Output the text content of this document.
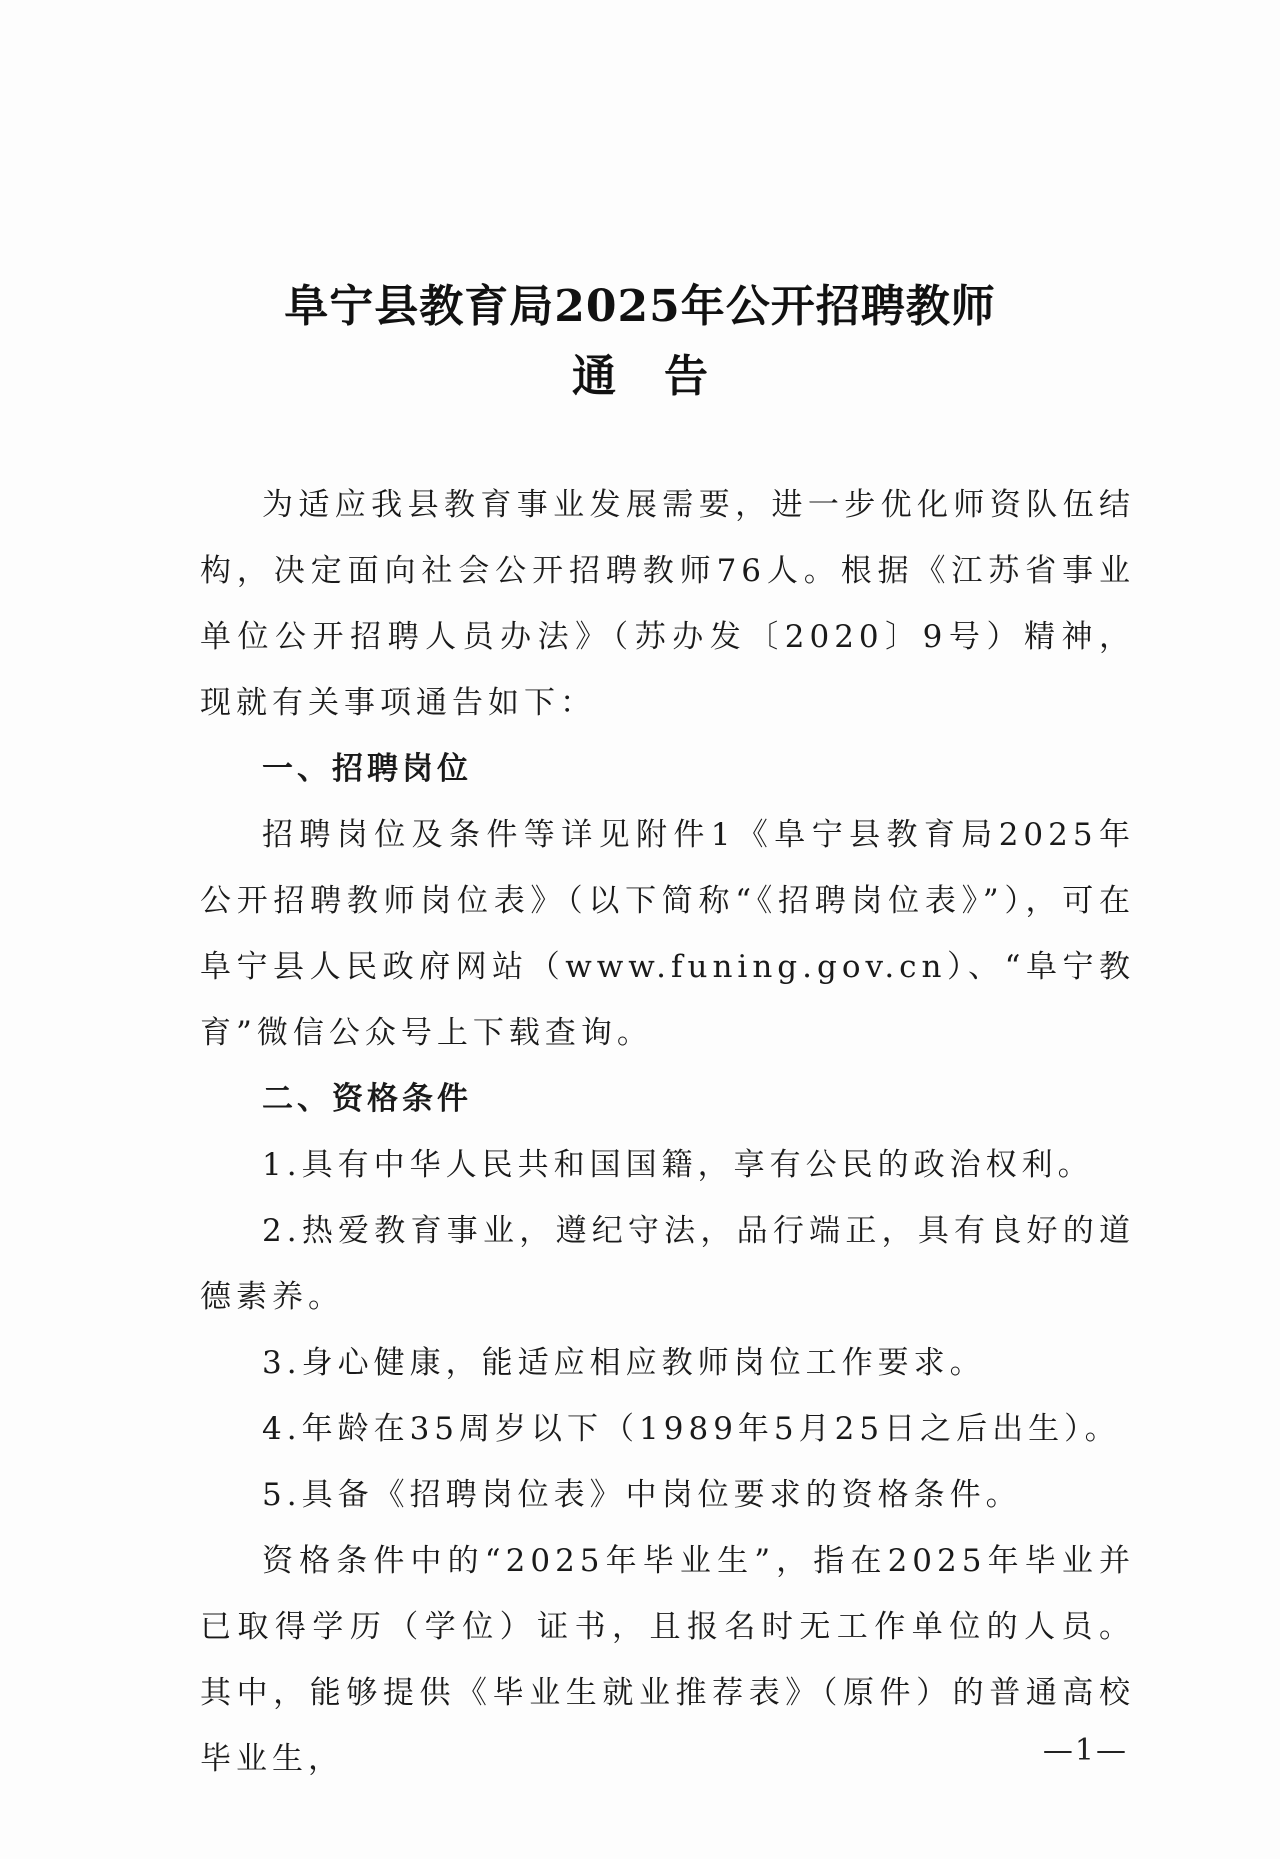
阜宁县教育局2025年公开招聘教师
通告

为适应我县教育事业发展需要，进一步优化师资队伍结构，决定面向社会公开招聘教师76人。根据《江苏省事业单位公开招聘人员办法》（苏办发〔2020〕9号）精神，现就有关事项通告如下：

一、招聘岗位

招聘岗位及条件等详见附件1《阜宁县教育局2025年公开招聘教师岗位表》（以下简称“《招聘岗位表》”），可在阜宁县人民政府网站（www.funing.gov.cn）、“阜宁教育”微信公众号上下载查询。

二、资格条件

1.具有中华人民共和国国籍，享有公民的政治权利。

2.热爱教育事业，遵纪守法，品行端正，具有良好的道德素养。

3.身心健康，能适应相应教师岗位工作要求。

4.年龄在35周岁以下（1989年5月25日之后出生）。

5.具备《招聘岗位表》中岗位要求的资格条件。

资格条件中的“2025年毕业生”，指在2025年毕业并已取得学历（学位）证书，且报名时无工作单位的人员。其中，能够提供《毕业生就业推荐表》（原件）的普通高校毕业生，	—1—
